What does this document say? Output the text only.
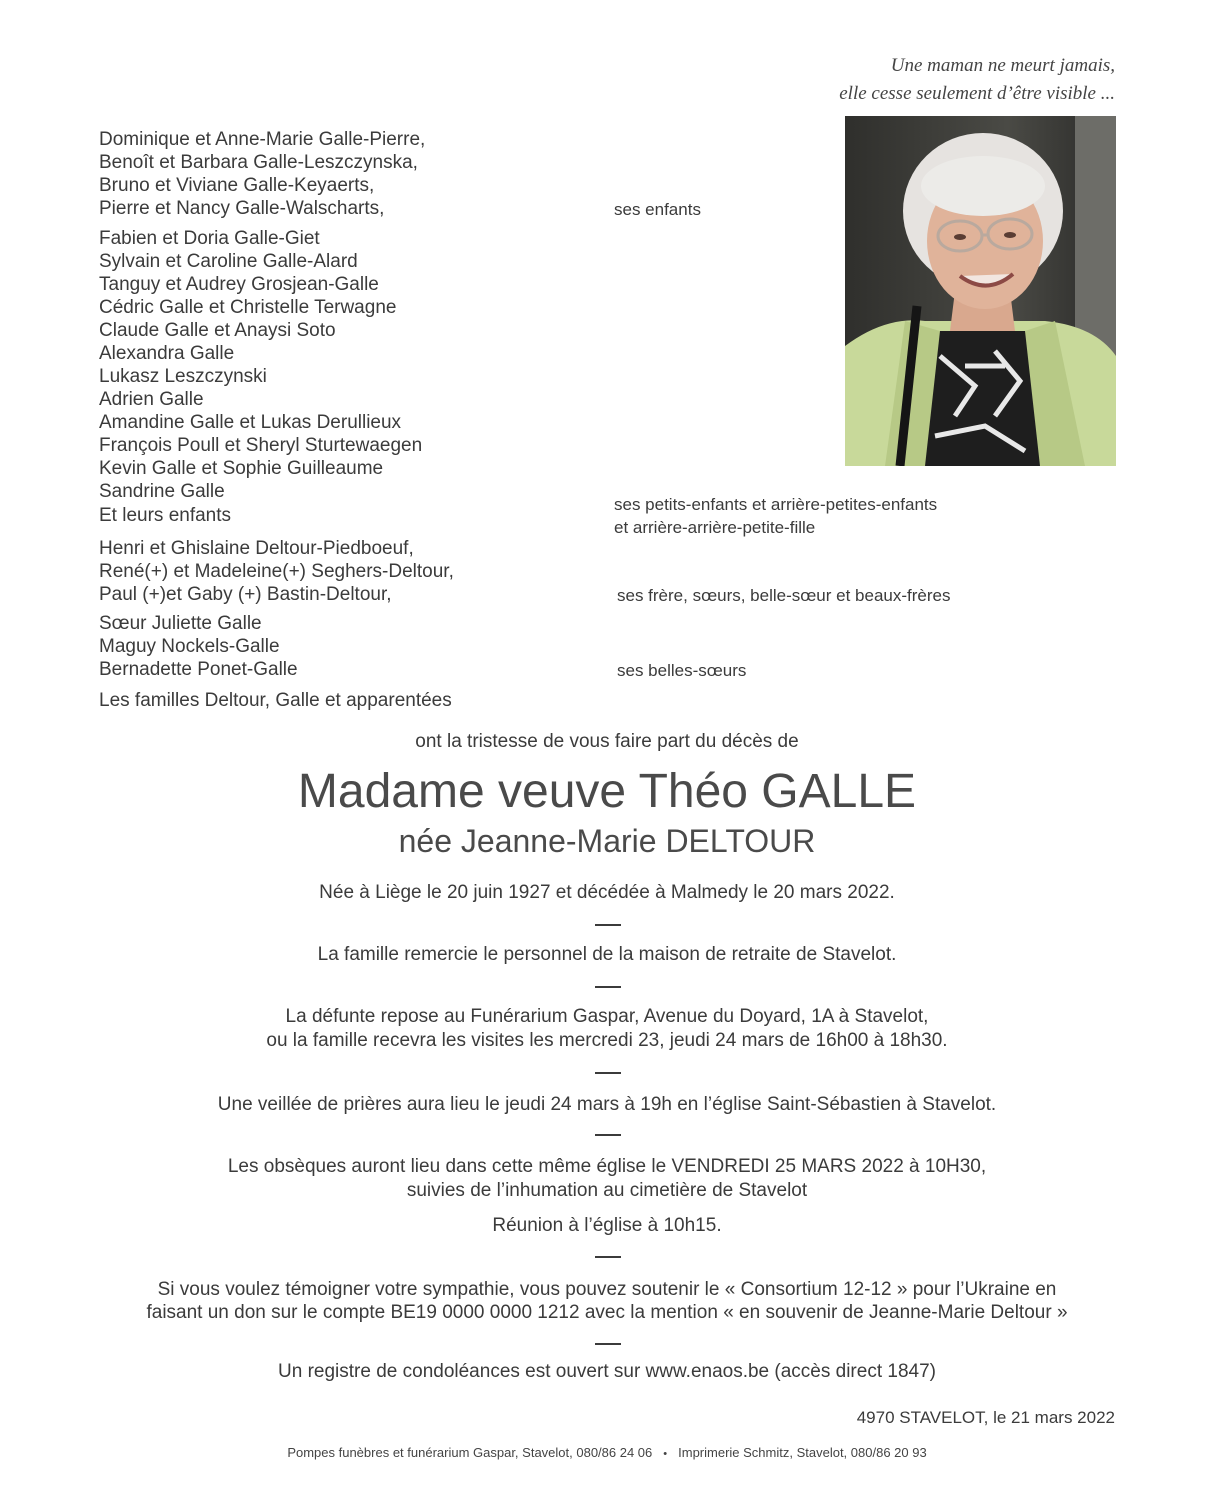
Une maman ne meurt jamais,
elle cesse seulement d’être visible ...
Dominique et Anne-Marie Galle-Pierre,
Benoît et Barbara Galle-Leszczynska,
Bruno et Viviane Galle-Keyaerts,
Pierre et Nancy Galle-Walscharts,	ses enfants
Fabien et Doria Galle-Giet
Sylvain et Caroline Galle-Alard
Tanguy et Audrey Grosjean-Galle
Cédric Galle et Christelle Terwagne
Claude Galle et Anaysi Soto
Alexandra Galle
Lukasz Leszczynski
Adrien Galle
Amandine Galle et Lukas Derullieux
François Poull et Sheryl Sturtewaegen
Kevin Galle et Sophie Guilleaume
Sandrine Galle
Et leurs enfants
ses petits-enfants et arrière-petites-enfants
et arrière-arrière-petite-fille
Henri et Ghislaine Deltour-Piedboeuf,
René(+) et Madeleine(+) Seghers-Deltour,
Paul (+)et Gaby (+) Bastin-Deltour,	ses frère, sœurs, belle-sœur et beaux-frères
Sœur Juliette Galle
Maguy Nockels-Galle
Bernadette Ponet-Galle	ses belles-sœurs
Les familles Deltour, Galle et apparentées
ont la tristesse de vous faire part du décès de
Madame veuve Théo GALLE
née Jeanne-Marie DELTOUR
Née à Liège le 20 juin 1927 et décédée à Malmedy le 20 mars 2022.
La famille remercie le personnel de la maison de retraite de Stavelot.
La défunte repose au Funérarium Gaspar, Avenue du Doyard, 1A à Stavelot,
ou la famille recevra les visites les mercredi 23, jeudi 24 mars de 16h00 à 18h30.
Une veillée de prières aura lieu le jeudi 24 mars à 19h en l’église Saint-Sébastien à Stavelot.
Les obsèques auront lieu dans cette même église le VENDREDI 25 MARS 2022 à 10H30,
suivies de l’inhumation au cimetière de Stavelot
Réunion à l’église à 10h15.
Si vous voulez témoigner votre sympathie, vous pouvez soutenir le « Consortium 12-12 » pour l’Ukraine en
faisant un don sur le compte BE19 0000 0000 1212 avec la mention « en souvenir de Jeanne-Marie Deltour »
Un registre de condoléances est ouvert sur www.enaos.be (accès direct 1847)
4970 STAVELOT, le 21 mars 2022
Pompes funèbres et funérarium Gaspar, Stavelot, 080/86 24 06 • Imprimerie Schmitz, Stavelot, 080/86 20 93
